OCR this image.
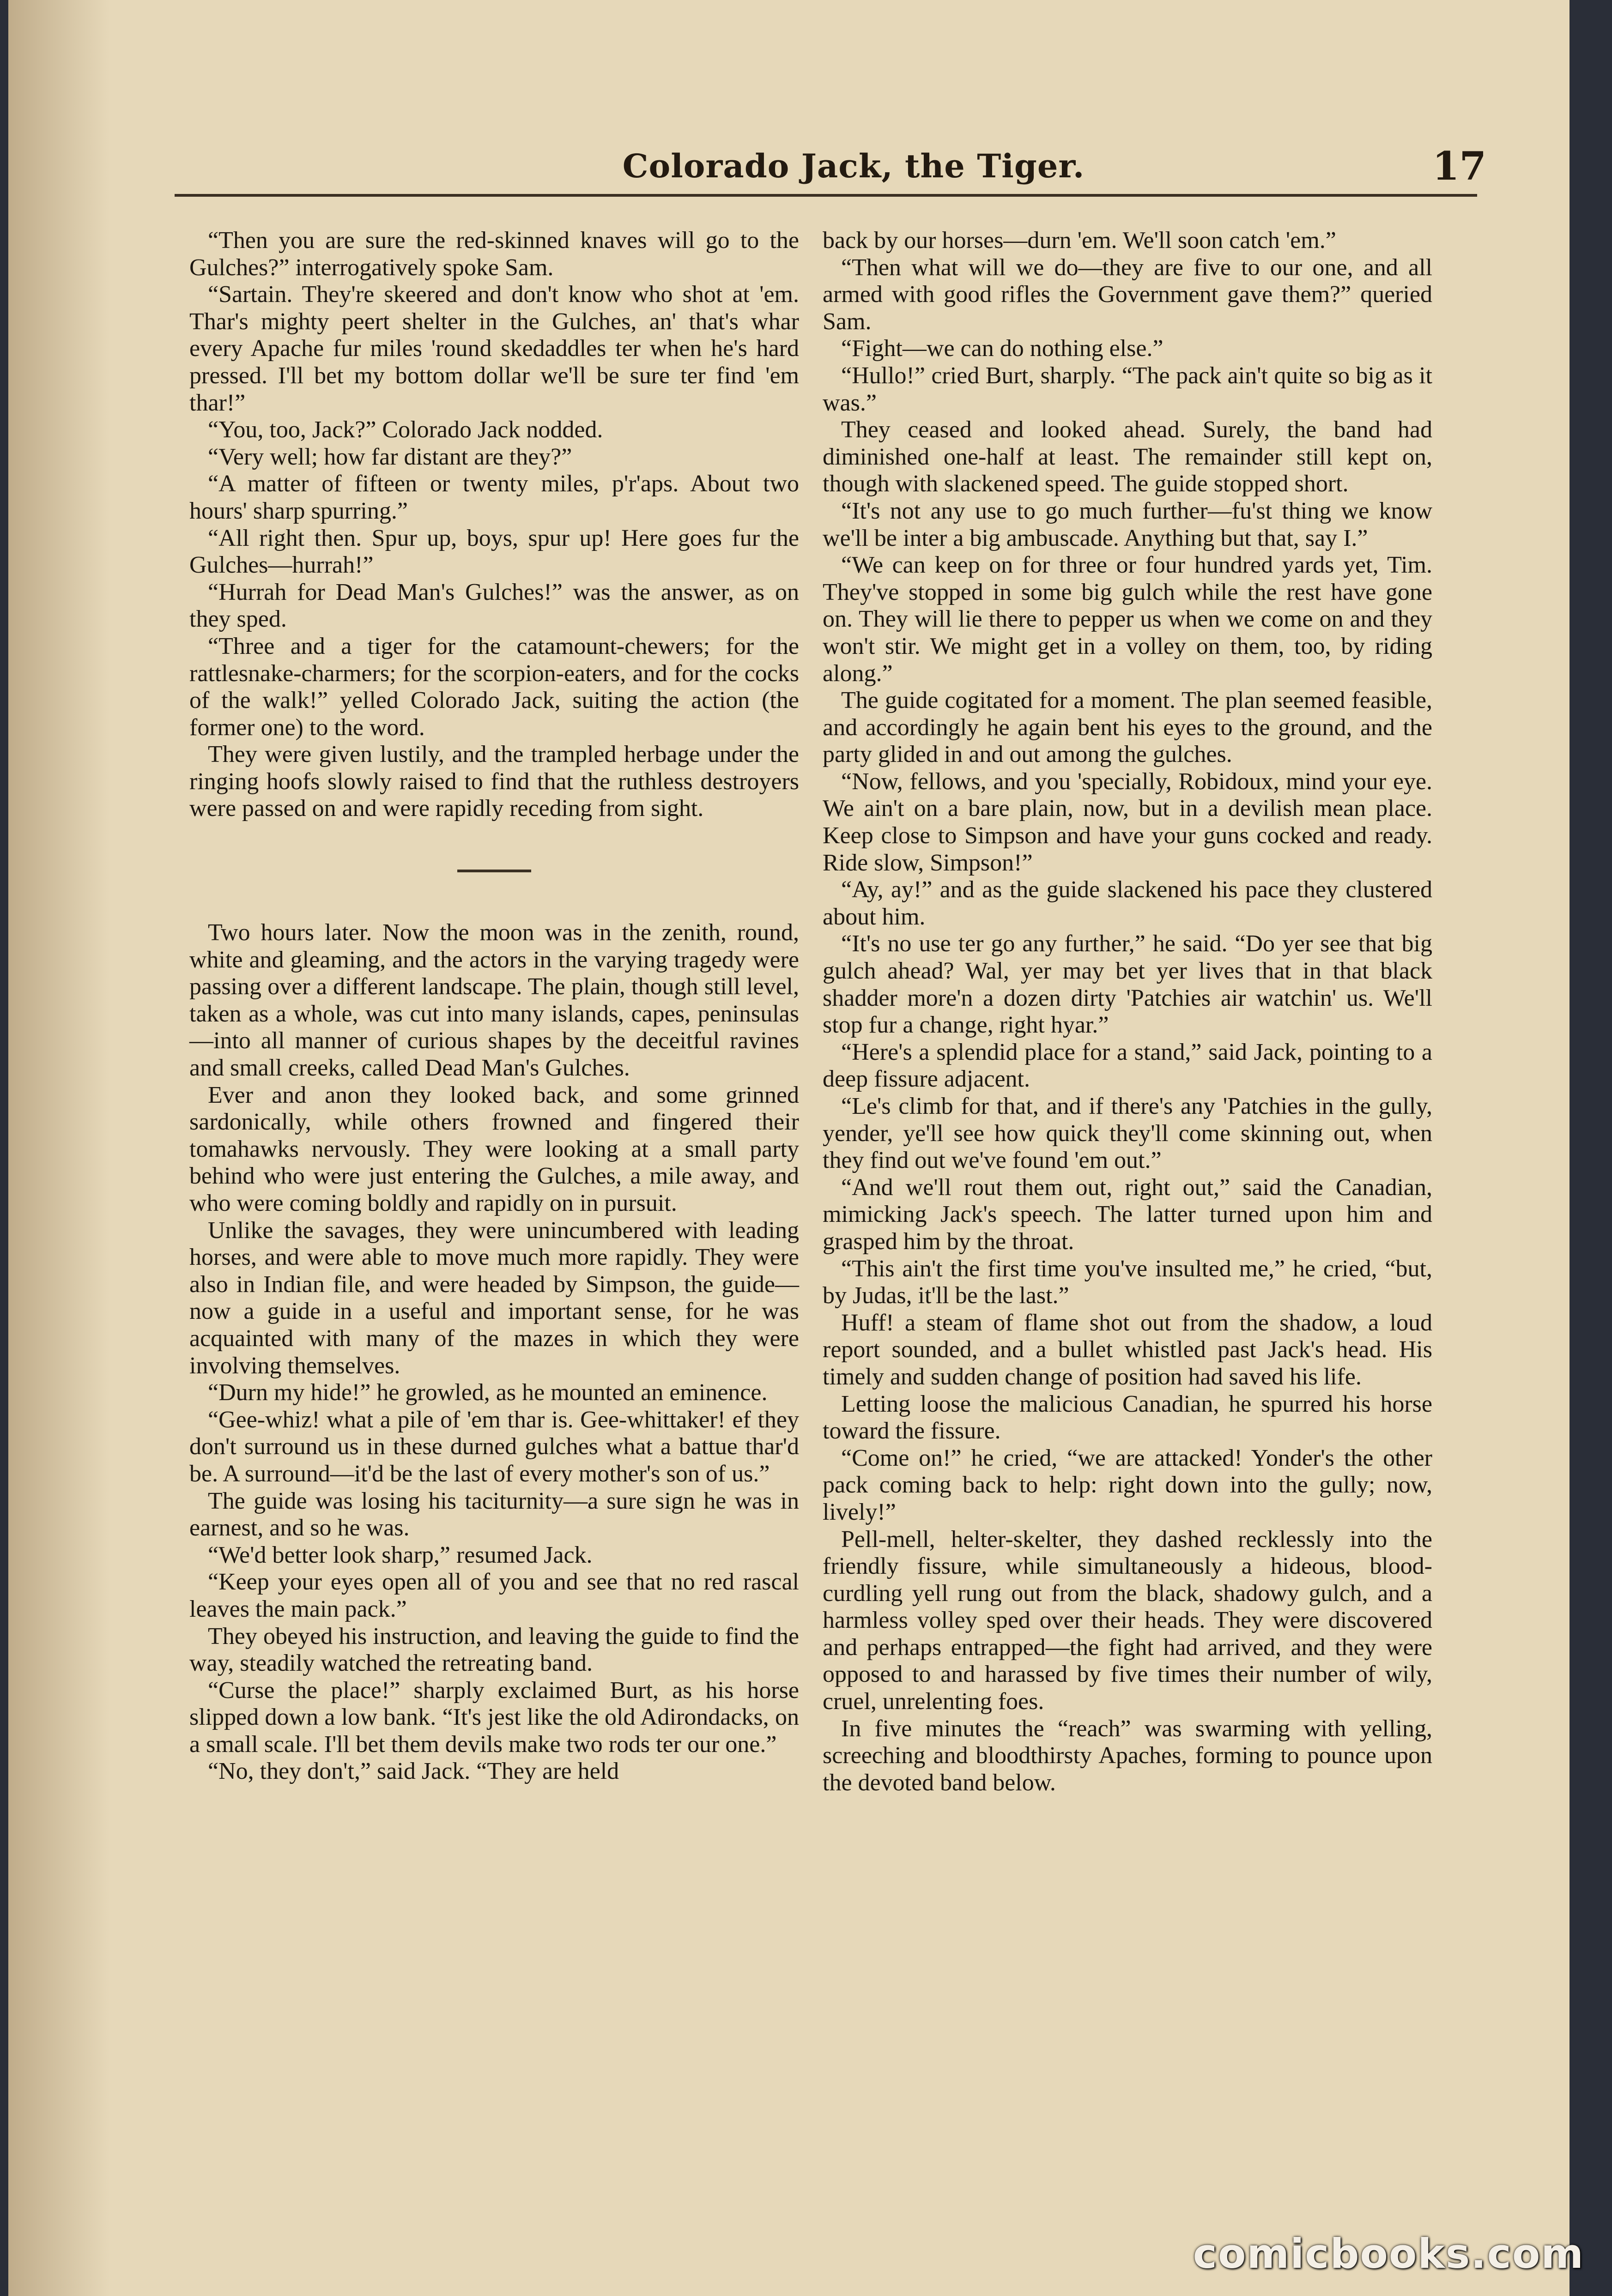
Colorado Jack, the Tiger.	17

“Then you are sure the red-skinned knaves will go to the Gulches?” interrogatively spoke Sam.

“Sartain. They're skeered and don't know who shot at 'em. Thar's mighty peert shelter in the Gulches, an' that's whar every Apache fur miles 'round skedaddles ter when he's hard pressed. I'll bet my bottom dollar we'll be sure ter find 'em thar!”

“You, too, Jack?” Colorado Jack nodded.

“Very well; how far distant are they?”

“A matter of fifteen or twenty miles, p'r'aps. About two hours' sharp spurring.”

“All right then. Spur up, boys, spur up! Here goes fur the Gulches—hurrah!”

“Hurrah for Dead Man's Gulches!” was the answer, as on they sped.

“Three and a tiger for the catamount-chewers; for the rattlesnake-charmers; for the scorpion-eaters, and for the cocks of the walk!” yelled Colorado Jack, suiting the action (the former one) to the word.

They were given lustily, and the trampled herbage under the ringing hoofs slowly raised to find that the ruthless destroyers were passed on and were rapidly receding from sight.

Two hours later. Now the moon was in the zenith, round, white and gleaming, and the actors in the varying tragedy were passing over a different landscape. The plain, though still level, taken as a whole, was cut into many islands, capes, peninsulas—into all manner of curious shapes by the deceitful ravines and small creeks, called Dead Man's Gulches.

Ever and anon they looked back, and some grinned sardonically, while others frowned and fingered their tomahawks nervously. They were looking at a small party behind who were just entering the Gulches, a mile away, and who were coming boldly and rapidly on in pursuit.

Unlike the savages, they were unincumbered with leading horses, and were able to move much more rapidly. They were also in Indian file, and were headed by Simpson, the guide—now a guide in a useful and important sense, for he was acquainted with many of the mazes in which they were involving themselves.

“Durn my hide!” he growled, as he mounted an eminence.

“Gee-whiz! what a pile of 'em thar is. Gee-whittaker! ef they don't surround us in these durned gulches what a battue thar'd be. A surround—it'd be the last of every mother's son of us.”

The guide was losing his taciturnity—a sure sign he was in earnest, and so he was.

“We'd better look sharp,” resumed Jack.

“Keep your eyes open all of you and see that no red rascal leaves the main pack.”

They obeyed his instruction, and leaving the guide to find the way, steadily watched the retreating band.

“Curse the place!” sharply exclaimed Burt, as his horse slipped down a low bank. “It's jest like the old Adirondacks, on a small scale. I'll bet them devils make two rods ter our one.”

“No, they don't,” said Jack. “They are held

back by our horses—durn 'em. We'll soon catch 'em.”

“Then what will we do—they are five to our one, and all armed with good rifles the Government gave them?” queried Sam.

“Fight—we can do nothing else.”

“Hullo!” cried Burt, sharply. “The pack ain't quite so big as it was.”

They ceased and looked ahead. Surely, the band had diminished one-half at least. The remainder still kept on, though with slackened speed. The guide stopped short.

“It's not any use to go much further—fu'st thing we know we'll be inter a big ambuscade. Anything but that, say I.”

“We can keep on for three or four hundred yards yet, Tim. They've stopped in some big gulch while the rest have gone on. They will lie there to pepper us when we come on and they won't stir. We might get in a volley on them, too, by riding along.”

The guide cogitated for a moment. The plan seemed feasible, and accordingly he again bent his eyes to the ground, and the party glided in and out among the gulches.

“Now, fellows, and you 'specially, Robidoux, mind your eye. We ain't on a bare plain, now, but in a devilish mean place. Keep close to Simpson and have your guns cocked and ready. Ride slow, Simpson!”

“Ay, ay!” and as the guide slackened his pace they clustered about him.

“It's no use ter go any further,” he said. “Do yer see that big gulch ahead? Wal, yer may bet yer lives that in that black shadder more'n a dozen dirty 'Patchies air watchin' us. We'll stop fur a change, right hyar.”

“Here's a splendid place for a stand,” said Jack, pointing to a deep fissure adjacent.

“Le's climb for that, and if there's any 'Patchies in the gully, yender, ye'll see how quick they'll come skinning out, when they find out we've found 'em out.”

“And we'll rout them out, right out,” said the Canadian, mimicking Jack's speech. The latter turned upon him and grasped him by the throat.

“This ain't the first time you've insulted me,” he cried, “but, by Judas, it'll be the last.”

Huff! a steam of flame shot out from the shadow, a loud report sounded, and a bullet whistled past Jack's head. His timely and sudden change of position had saved his life.

Letting loose the malicious Canadian, he spurred his horse toward the fissure.

“Come on!” he cried, “we are attacked! Yonder's the other pack coming back to help: right down into the gully; now, lively!”

Pell-mell, helter-skelter, they dashed recklessly into the friendly fissure, while simultaneously a hideous, blood-curdling yell rung out from the black, shadowy gulch, and a harmless volley sped over their heads. They were discovered and perhaps entrapped—the fight had arrived, and they were opposed to and harassed by five times their number of wily, cruel, unrelenting foes.

In five minutes the “reach” was swarming with yelling, screeching and bloodthirsty Apaches, forming to pounce upon the devoted band below.

comicbooks.com
